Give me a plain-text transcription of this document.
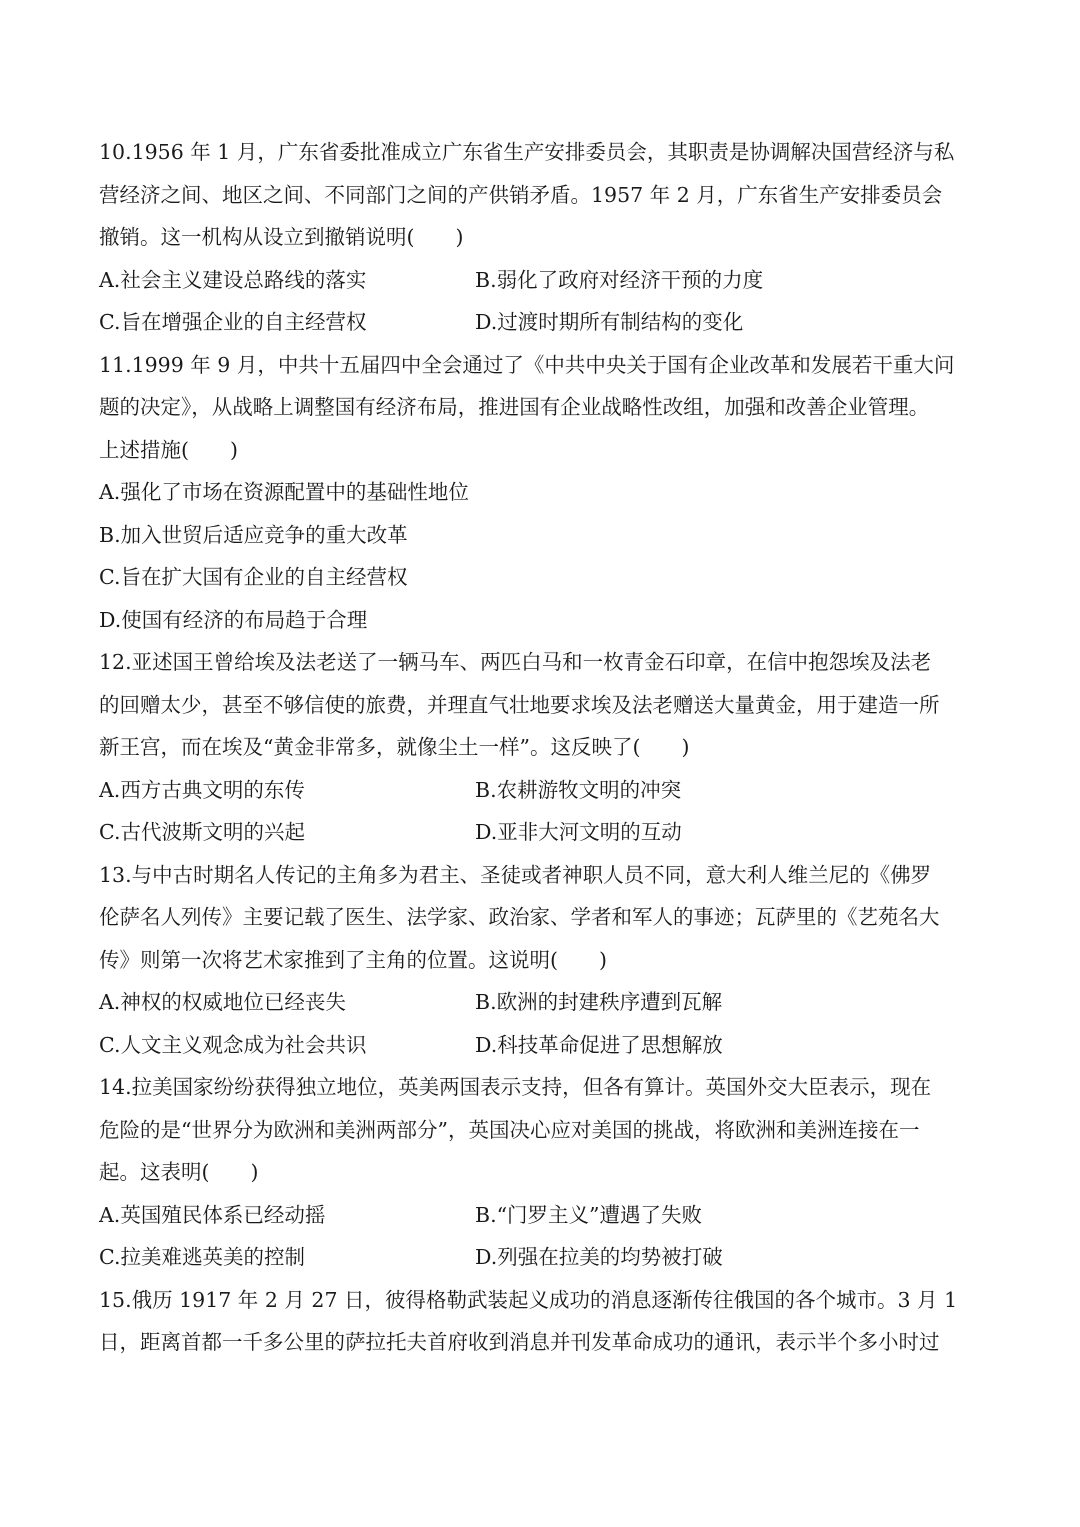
10.1956 年 1 月，广东省委批准成立广东省生产安排委员会，其职责是协调解决国营经济与私
营经济之间、地区之间、不同部门之间的产供销矛盾。1957 年 2 月，广东省生产安排委员会
撤销。这一机构从设立到撤销说明(　　)
A.社会主义建设总路线的落实	B.弱化了政府对经济干预的力度
C.旨在增强企业的自主经营权	D.过渡时期所有制结构的变化
11.1999 年 9 月，中共十五届四中全会通过了《中共中央关于国有企业改革和发展若干重大问
题的决定》，从战略上调整国有经济布局，推进国有企业战略性改组，加强和改善企业管理。
上述措施(　　)
A.强化了市场在资源配置中的基础性地位
B.加入世贸后适应竞争的重大改革
C.旨在扩大国有企业的自主经营权
D.使国有经济的布局趋于合理
12.亚述国王曾给埃及法老送了一辆马车、两匹白马和一枚青金石印章，在信中抱怨埃及法老
的回赠太少，甚至不够信使的旅费，并理直气壮地要求埃及法老赠送大量黄金，用于建造一所
新王宫，而在埃及“黄金非常多，就像尘土一样”。这反映了(　　)
A.西方古典文明的东传	B.农耕游牧文明的冲突
C.古代波斯文明的兴起	D.亚非大河文明的互动
13.与中古时期名人传记的主角多为君主、圣徒或者神职人员不同，意大利人维兰尼的《佛罗
伦萨名人列传》主要记载了医生、法学家、政治家、学者和军人的事迹；瓦萨里的《艺苑名大
传》则第一次将艺术家推到了主角的位置。这说明(　　)
A.神权的权威地位已经丧失	B.欧洲的封建秩序遭到瓦解
C.人文主义观念成为社会共识	D.科技革命促进了思想解放
14.拉美国家纷纷获得独立地位，英美两国表示支持，但各有算计。英国外交大臣表示，现在
危险的是“世界分为欧洲和美洲两部分”，英国决心应对美国的挑战，将欧洲和美洲连接在一
起。这表明(　　)
A.英国殖民体系已经动摇	B.“门罗主义”遭遇了失败
C.拉美难逃英美的控制	D.列强在拉美的均势被打破
15.俄历 1917 年 2 月 27 日，彼得格勒武装起义成功的消息逐渐传往俄国的各个城市。3 月 1
日，距离首都一千多公里的萨拉托夫首府收到消息并刊发革命成功的通讯，表示半个多小时过
